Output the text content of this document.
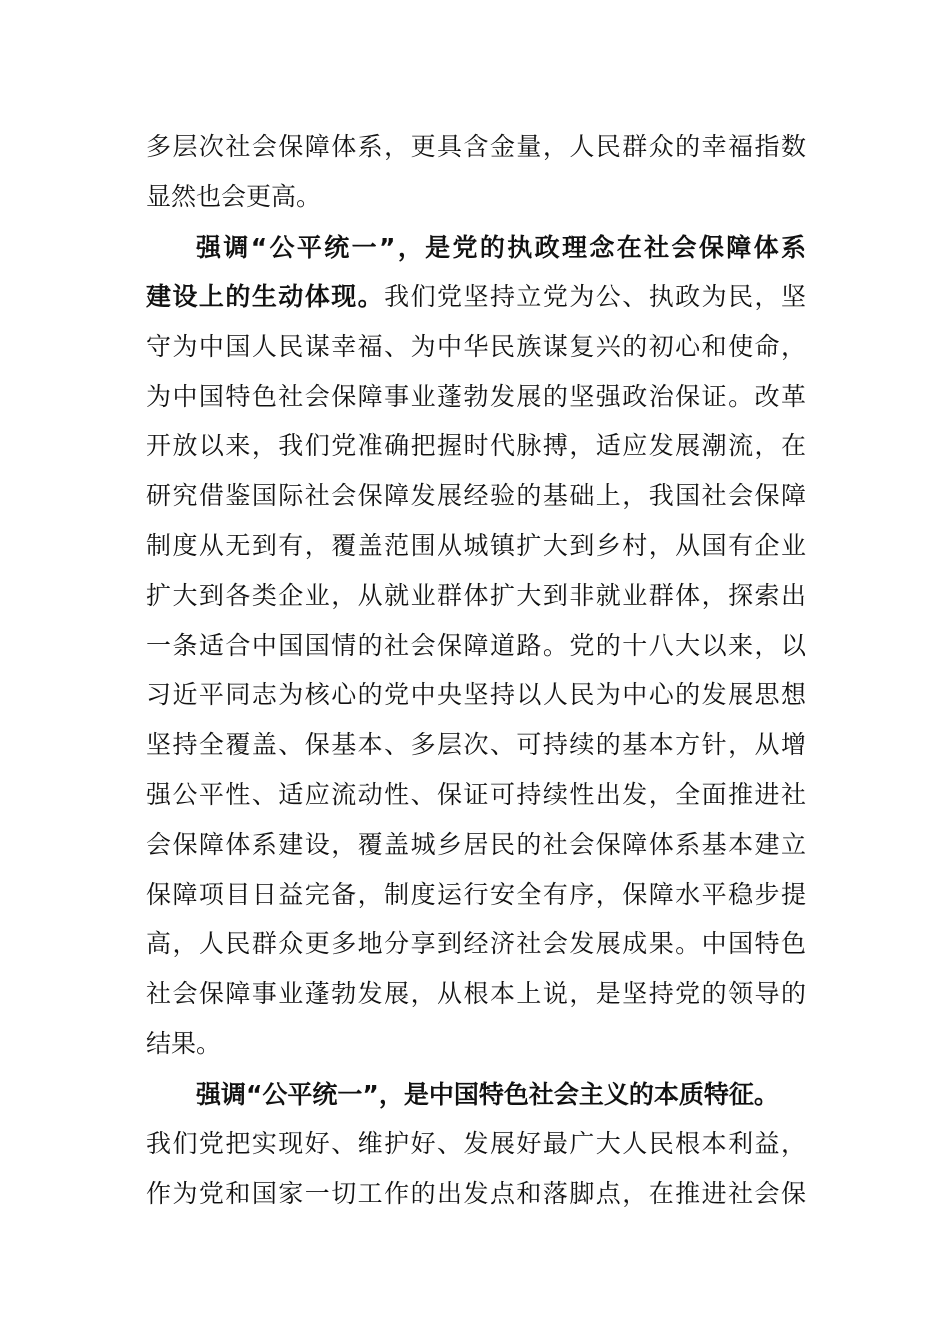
多层次社会保障体系，更具含金量，人民群众的幸福指数
显然也会更高。
强调“公平统一”，是党的执政理念在社会保障体系
建设上的生动体现。我们党坚持立党为公、执政为民，坚
守为中国人民谋幸福、为中华民族谋复兴的初心和使命，
为中国特色社会保障事业蓬勃发展的坚强政治保证。改革
开放以来，我们党准确把握时代脉搏，适应发展潮流，在
研究借鉴国际社会保障发展经验的基础上，我国社会保障
制度从无到有，覆盖范围从城镇扩大到乡村，从国有企业
扩大到各类企业，从就业群体扩大到非就业群体，探索出
一条适合中国国情的社会保障道路。党的十八大以来，以
习近平同志为核心的党中央坚持以人民为中心的发展思想
坚持全覆盖、保基本、多层次、可持续的基本方针，从增
强公平性、适应流动性、保证可持续性出发，全面推进社
会保障体系建设，覆盖城乡居民的社会保障体系基本建立
保障项目日益完备，制度运行安全有序，保障水平稳步提
高，人民群众更多地分享到经济社会发展成果。中国特色
社会保障事业蓬勃发展，从根本上说，是坚持党的领导的
结果。
强调“公平统一”，是中国特色社会主义的本质特征。
我们党把实现好、维护好、发展好最广大人民根本利益，
作为党和国家一切工作的出发点和落脚点，在推进社会保
